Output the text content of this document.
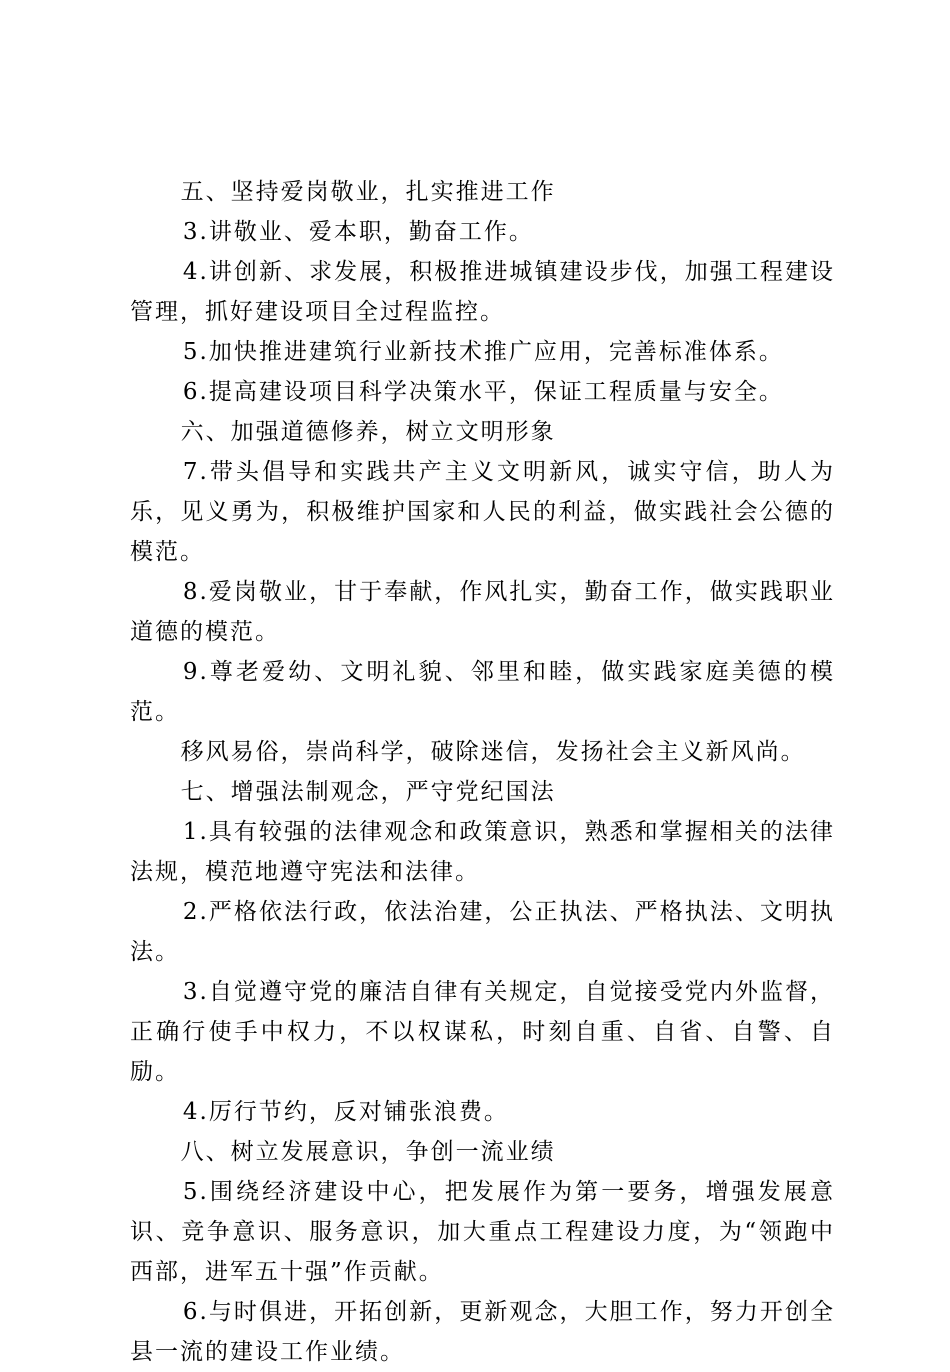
五、坚持爱岗敬业，扎实推进工作

3.讲敬业、爱本职，勤奋工作。

4.讲创新、求发展，积极推进城镇建设步伐，加强工程建设管理，抓好建设项目全过程监控。

5.加快推进建筑行业新技术推广应用，完善标准体系。

6.提高建设项目科学决策水平，保证工程质量与安全。

六、加强道德修养，树立文明形象

7.带头倡导和实践共产主义文明新风，诚实守信，助人为乐，见义勇为，积极维护国家和人民的利益，做实践社会公德的模范。

8.爱岗敬业，甘于奉献，作风扎实，勤奋工作，做实践职业道德的模范。

9.尊老爱幼、文明礼貌、邻里和睦，做实践家庭美德的模范。

移风易俗，崇尚科学，破除迷信，发扬社会主义新风尚。

七、增强法制观念，严守党纪国法

1.具有较强的法律观念和政策意识，熟悉和掌握相关的法律法规，模范地遵守宪法和法律。

2.严格依法行政，依法治建，公正执法、严格执法、文明执法。

3.自觉遵守党的廉洁自律有关规定，自觉接受党内外监督，正确行使手中权力，不以权谋私，时刻自重、自省、自警、自励。

4.厉行节约，反对铺张浪费。

八、树立发展意识，争创一流业绩

5.围绕经济建设中心，把发展作为第一要务，增强发展意识、竞争意识、服务意识，加大重点工程建设力度，为“领跑中西部，进军五十强”作贡献。

6.与时俱进，开拓创新，更新观念，大胆工作，努力开创全县一流的建设工作业绩。
